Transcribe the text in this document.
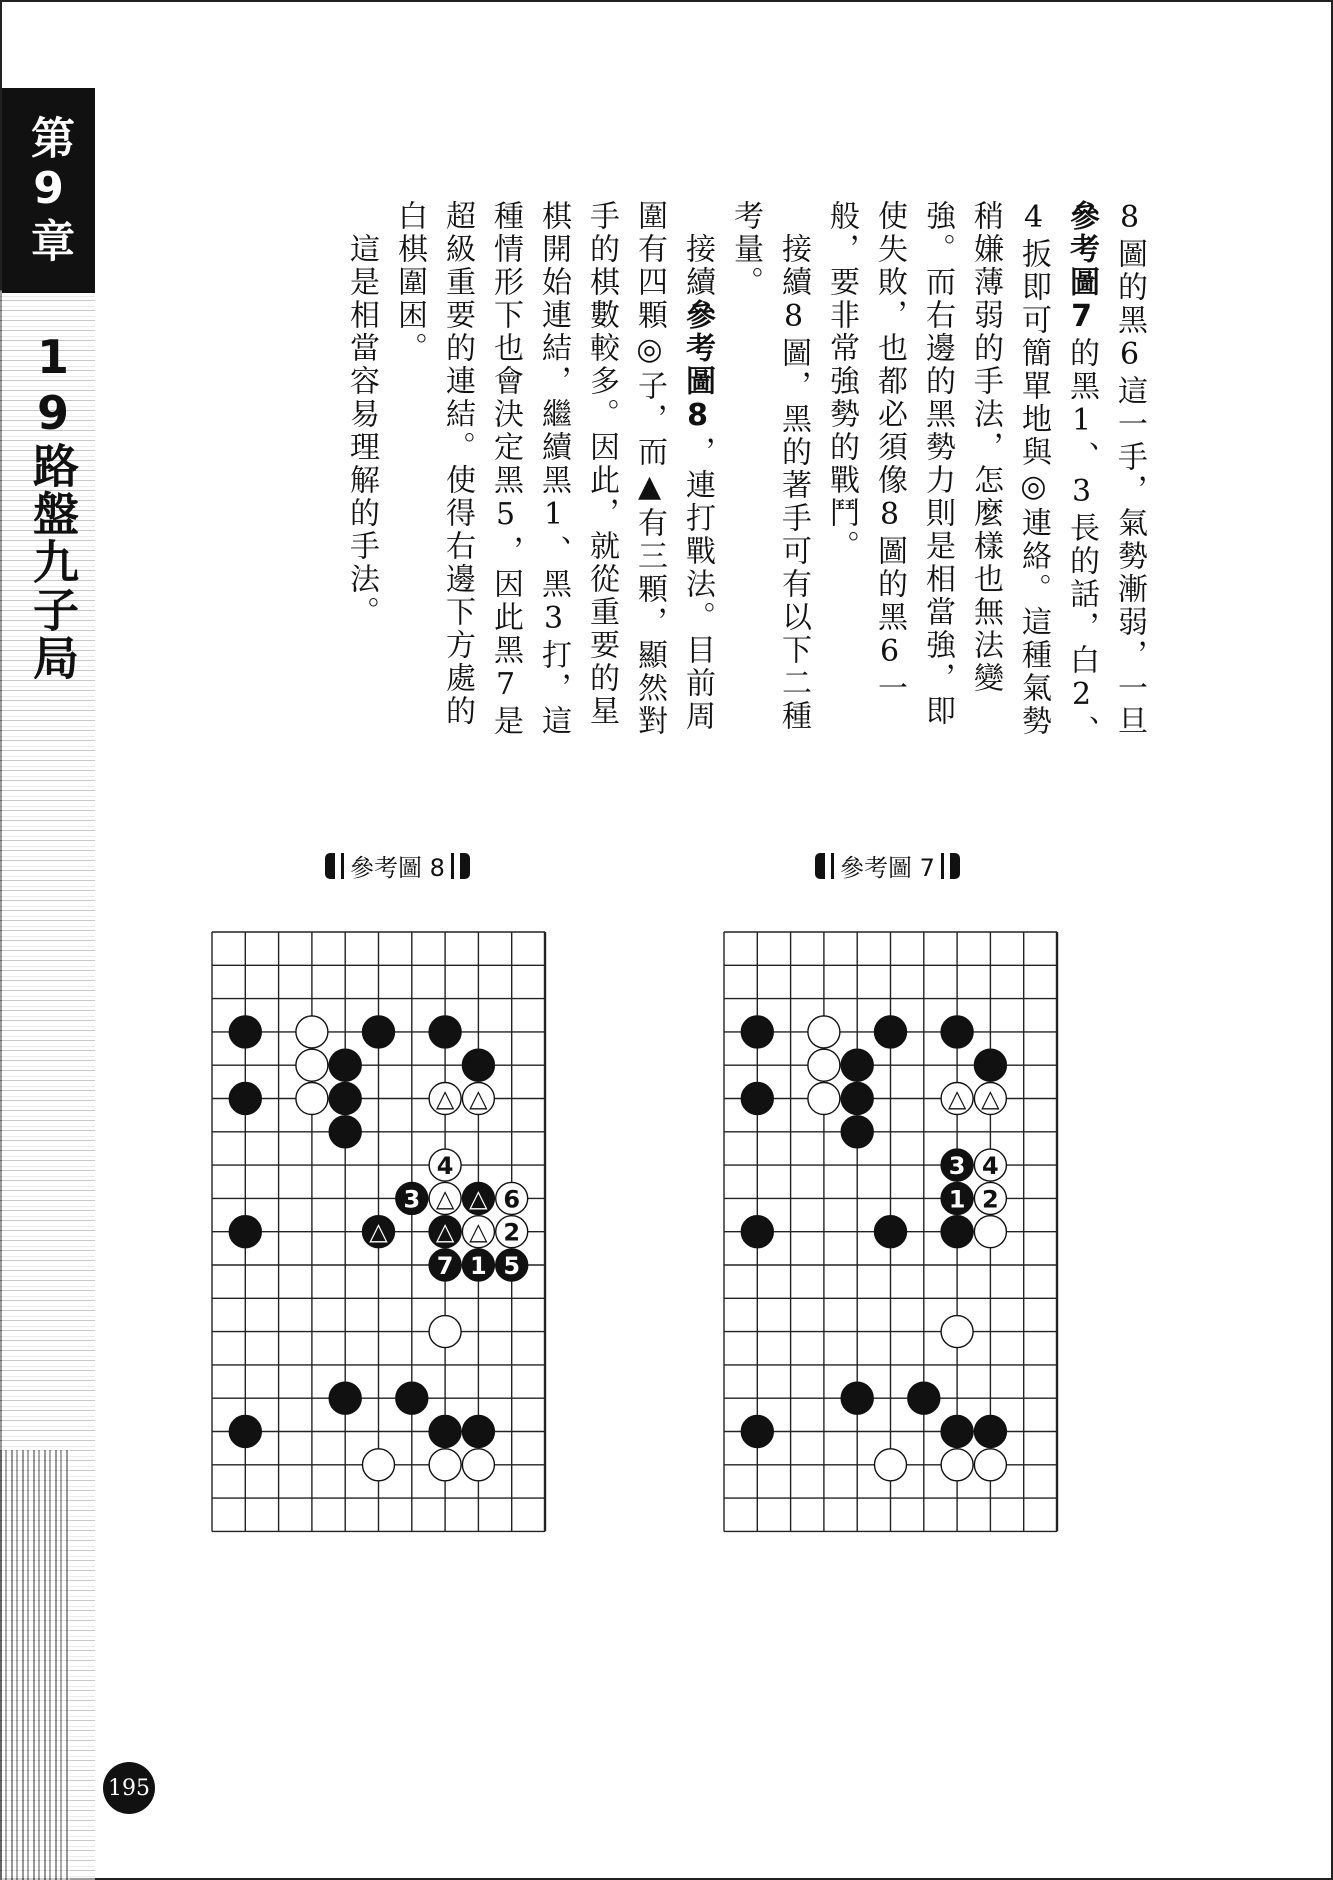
第9章
19路盤九子局	8圖的黑6這一手，氣勢漸弱，一旦參考圖7的黑1、3長的話，白2、4扳即可簡單地與◎連絡。這種氣勢稍嫌薄弱的手法，怎麼樣也無法變強。而右邊的黑勢力則是相當強，即使失敗，也都必須像8圖的黑6一般，要非常強勢的戰鬥。

　接續8圖，黑的著手可有以下二種考量。

　接續參考圖8，連打戰法。目前周圍有四顆◎子，而▲有三顆，顯然對手的棋數較多。因此，就從重要的星棋開始連結，繼續黑1、黑3打，這種情形下也會決定黑5，因此黑7是超級重要的連結。使得右邊下方處的白棋圍困。

　這是相當容易理解的手法。

參考圖 7
參考圖 8
△ △
3 4
1 2
△ △
4
3 △ △ 6
△ △ △ 2
7 1 5
195
